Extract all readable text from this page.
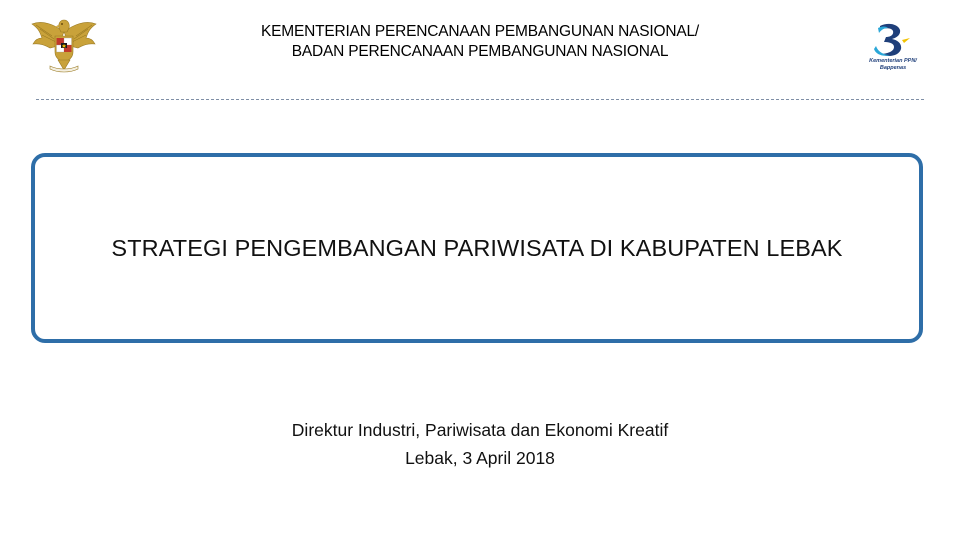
KEMENTERIAN PERENCANAAN PEMBANGUNAN NASIONAL/
BADAN PERENCANAAN PEMBANGUNAN NASIONAL
Kementerian PPN/
Bappenas
STRATEGI PENGEMBANGAN PARIWISATA DI KABUPATEN LEBAK
Direktur Industri, Pariwisata dan Ekonomi Kreatif
Lebak, 3 April 2018
